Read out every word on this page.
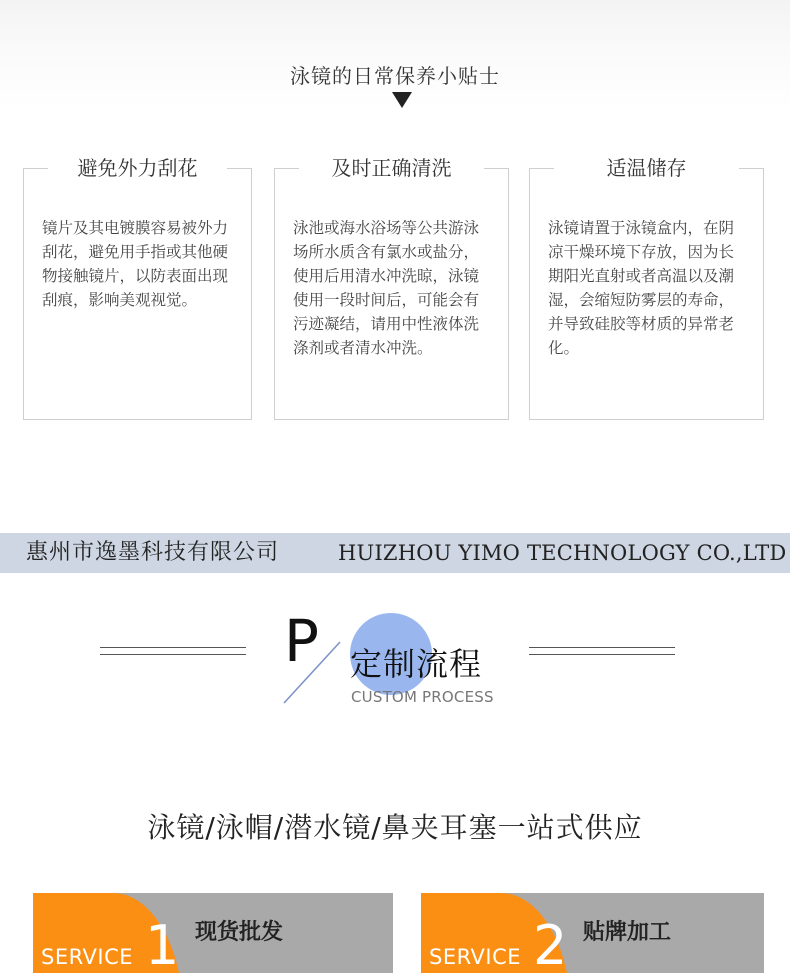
泳镜的日常保养小贴士
避免外力刮花

镜片及其电镀膜容易被外力刮花，避免用手指或其他硬物接触镜片，以防表面出现刮痕，影响美观视觉。

及时正确清洗

泳池或海水浴场等公共游泳场所水质含有氯水或盐分，使用后用清水冲洗晾，泳镜使用一段时间后，可能会有污迹凝结，请用中性液体洗涤剂或者清水冲洗。

适温储存

泳镜请置于泳镜盒内，在阴凉干燥环境下存放，因为长期阳光直射或者高温以及潮湿，会缩短防雾层的寿命，并导致硅胶等材质的异常老化。

惠州市逸墨科技有限公司	HUIZHOU YIMO TECHNOLOGY CO.,LTD
P 定制流程
CUSTOM PROCESS
泳镜/泳帽/潜水镜/鼻夹耳塞一站式供应
SERVICE 1 现货批发
SERVICE 2 贴牌加工
